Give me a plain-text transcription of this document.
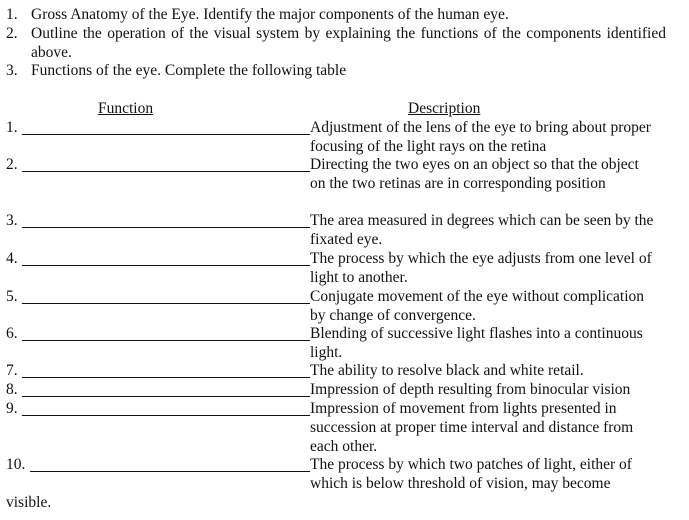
1. Gross Anatomy of the Eye. Identify the major components of the human eye.
2. Outline the operation of the visual system by explaining the functions of the components identified above.
3. Functions of the eye. Complete the following table
Function	Description
1.	Adjustment of the lens of the eye to bring about proper focusing of the light rays on the retina
2.	Directing the two eyes on an object so that the object on the two retinas are in corresponding position
3.	The area measured in degrees which can be seen by the fixated eye.
4.	The process by which the eye adjusts from one level of light to another.
5.	Conjugate movement of the eye without complication by change of convergence.
6.	Blending of successive light flashes into a continuous light.
7.	The ability to resolve black and white retail.
8.	Impression of depth resulting from binocular vision
9.	Impression of movement from lights presented in succession at proper time interval and distance from each other.
10.	The process by which two patches of light, either of which is below threshold of vision, may become
visible.
